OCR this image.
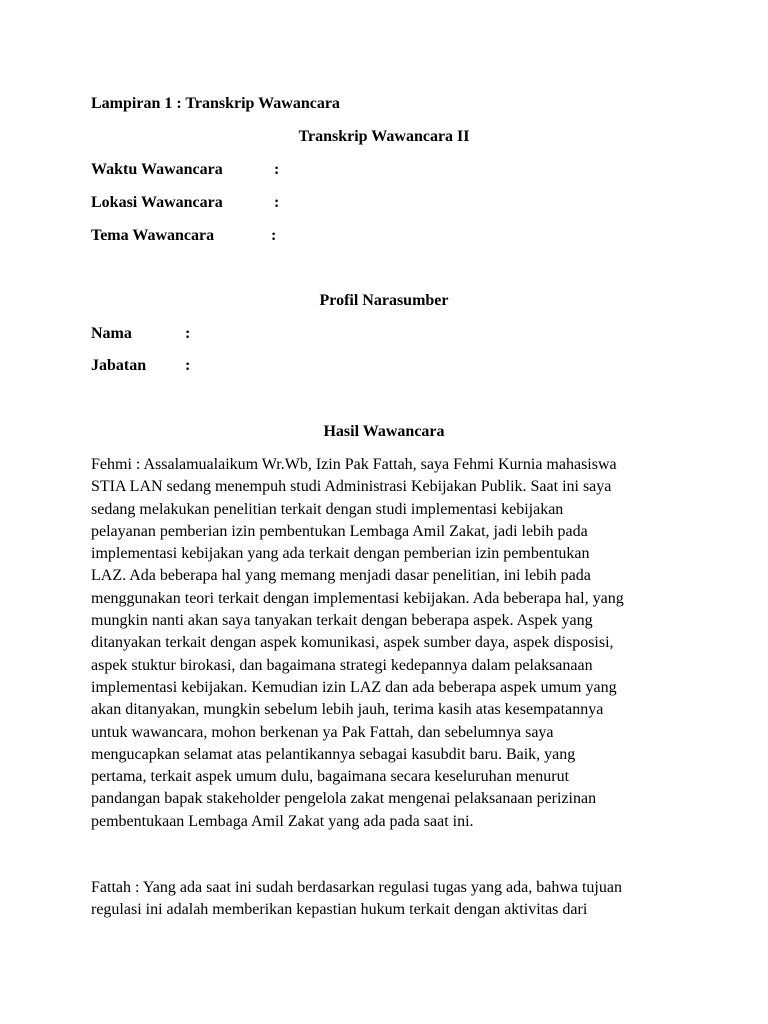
Lampiran 1 : Transkrip Wawancara
Transkrip Wawancara II
Waktu Wawancara	:
Lokasi Wawancara	:
Tema Wawancara	:
Profil Narasumber
Nama	:
Jabatan :
Hasil Wawancara
Fehmi : Assalamualaikum Wr.Wb, Izin Pak Fattah, saya Fehmi Kurnia mahasiswa
STIA LAN sedang menempuh studi Administrasi Kebijakan Publik. Saat ini saya
sedang melakukan penelitian terkait dengan studi implementasi kebijakan
pelayanan pemberian izin pembentukan Lembaga Amil Zakat, jadi lebih pada
implementasi kebijakan yang ada terkait dengan pemberian izin pembentukan
LAZ. Ada beberapa hal yang memang menjadi dasar penelitian, ini lebih pada
menggunakan teori terkait dengan implementasi kebijakan. Ada beberapa hal, yang
mungkin nanti akan saya tanyakan terkait dengan beberapa aspek. Aspek yang
ditanyakan terkait dengan aspek komunikasi, aspek sumber daya, aspek disposisi,
aspek stuktur birokasi, dan bagaimana strategi kedepannya dalam pelaksanaan
implementasi kebijakan. Kemudian izin LAZ dan ada beberapa aspek umum yang
akan ditanyakan, mungkin sebelum lebih jauh, terima kasih atas kesempatannya
untuk wawancara, mohon berkenan ya Pak Fattah, dan sebelumnya saya
mengucapkan selamat atas pelantikannya sebagai kasubdit baru. Baik, yang
pertama, terkait aspek umum dulu, bagaimana secara keseluruhan menurut
pandangan bapak stakeholder pengelola zakat mengenai pelaksanaan perizinan
pembentukaan Lembaga Amil Zakat yang ada pada saat ini.
Fattah : Yang ada saat ini sudah berdasarkan regulasi tugas yang ada, bahwa tujuan
regulasi ini adalah memberikan kepastian hukum terkait dengan aktivitas dari
